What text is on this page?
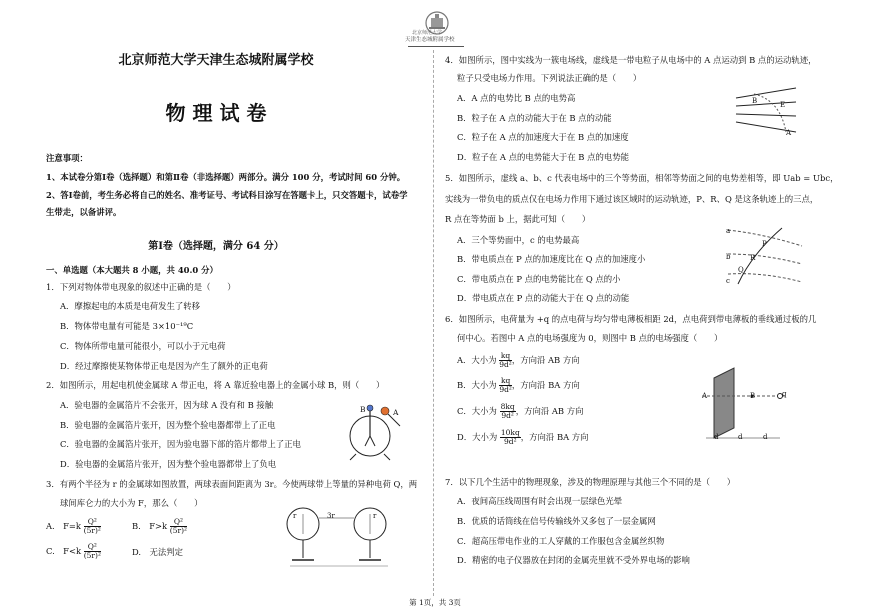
北京师范大学
天津生态城附属学校
北京师范大学天津生态城附属学校
物 理 试 卷
注意事项：
1、本试卷分第Ⅰ卷（选择题）和第Ⅱ卷（非选择题）两部分。满分 100 分，考试时间 60 分钟。
2、答Ⅰ卷前，考生务必将自己的姓名、准考证号、考试科目涂写在答题卡上，只交答题卡，试卷学
生带走，以备讲评。
第Ⅰ卷（选择题，满分 64 分）
一、单选题（本大题共 8 小题，共 40.0 分）
1．下列对物体带电现象的叙述中正确的是（　　）
A．摩擦起电的本质是电荷发生了转移
B．物体带电量有可能是 3×10⁻¹⁹C
C．物体所带电量可能很小，可以小于元电荷
D．经过摩擦使某物体带正电是因为产生了额外的正电荷
2．如图所示，用起电机使金属球 A 带正电，将 A 靠近验电器上的金属小球 B，则（　　）
A．验电器的金属箔片不会张开，因为球 A 没有和 B 接触
B．验电器的金属箔片张开，因为整个验电器都带上了正电
C．验电器的金属箔片张开，因为验电器下部的箔片都带上了正电
D．验电器的金属箔片张开，因为整个验电器都带上了负电
B	A
3．有两个半径为 r 的金属球如图放置，两球表面间距离为 3r。今使两球带上等量的异种电荷 Q，两
球间库仑力的大小为 F，那么（　　）
A.　$F=k \frac{\text{Q²}}{\text{(5r)²}}$	B.　$F>k \frac{\text{Q²}}{\text{(5r)²}}$
C.　$F<k \frac{\text{Q²}}{\text{(5r)²}}$	D.　无法判定
3r
r	r
4．如图所示，图中实线为一簇电场线，虚线是一带电粒子从电场中的 A 点运动到 B 点的运动轨迹，
粒子只受电场力作用。下列说法正确的是（　　）
A．A 点的电势比 B 点的电势高
B．粒子在 A 点的动能大于在 B 点的动能
C．粒子在 A 点的加速度大于在 B 点的加速度
D．粒子在 A 点的电势能大于在 B 点的电势能
B	E
A
5．如图所示，虚线 a、b、c 代表电场中的三个等势面，相邻等势面之间的电势差相等，即 Uab = Ubc，
实线为一带负电的质点仅在电场力作用下通过该区域时的运动轨迹，P、R、Q 是这条轨迹上的三点，
R 点在等势面 b 上，据此可知（　　）
A．三个等势面中，c 的电势最高
B．带电质点在 P 点的加速度比在 Q 点的加速度小
C．带电质点在 P 点的电势能比在 Q 点的小
D．带电质点在 P 点的动能大于在 Q 点的动能
a
b
c
P
R
Q
6．如图所示，电荷量为 +q 的点电荷与均匀带电薄板相距 2d，点电荷到带电薄板的垂线通过板的几
何中心。若图中 A 点的电场强度为 0，则图中 B 点的电场强度（　　）
A．大小为 $\frac{kq}{\text{9d²}}$ ，方向沿 AB 方向
B．大小为 $\frac{kq}{\text{9d²}}$ ，方向沿 BA 方向
C．大小为 $\frac{8kq}{\text{9d²}}$ ，方向沿 AB 方向
D．大小为 $\frac{10kq}{\text{9d²}}$ ，方向沿 BA 方向
A	B	q
d	d	d
7．以下几个生活中的物理现象，涉及的物理原理与其他三个不同的是（　　）
A．夜间高压线周围有时会出现一层绿色光晕
B．优质的话筒线在信号传输线外又多包了一层金属网
C．超高压带电作业的工人穿戴的工作服包含金属丝织物
D．精密的电子仪器放在封闭的金属壳里就不受外界电场的影响
第 1页，共 3页
